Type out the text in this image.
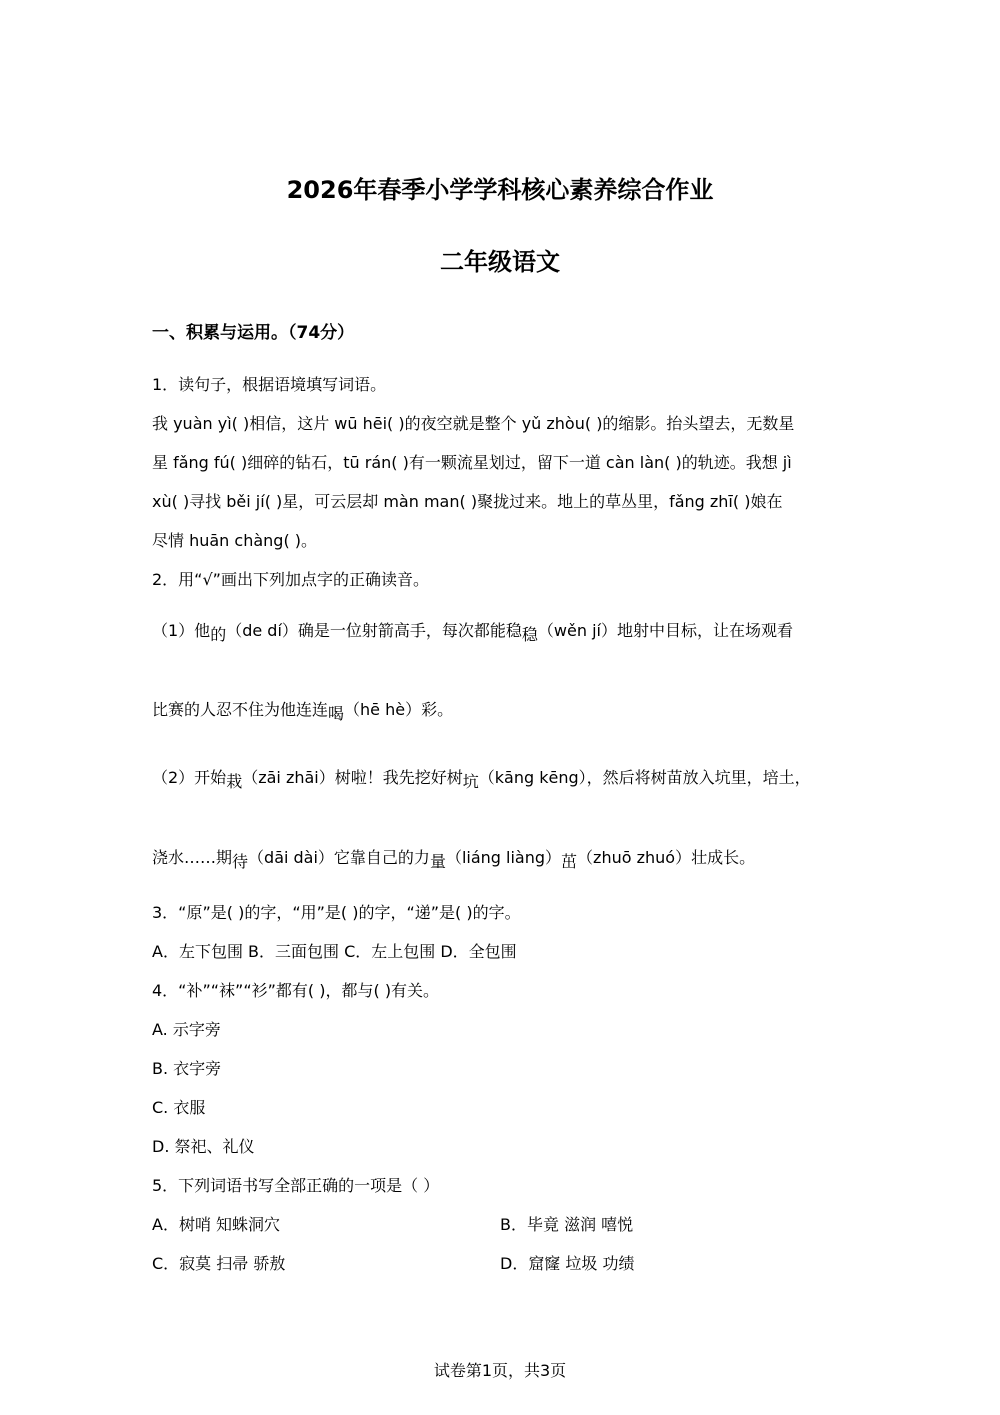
2026年春季小学学科核心素养综合作业
二年级语文
一、积累与运用。（74分）
1．读句子，根据语境填写词语。
我 yuàn yì( )相信，这片 wū hēi( )的夜空就是整个 yǔ zhòu( )的缩影。抬头望去，无数星
星 fǎng fú( )细碎的钻石，tū rán( )有一颗流星划过，留下一道 càn làn( )的轨迹。我想 jì
xù( )寻找 běi jí( )星，可云层却 màn man( )聚拢过来。地上的草丛里，fǎng zhī( )娘在
尽情 huān chàng( )。
2．用“√”画出下列加点字的正确读音。
（1）他的（de dí）确是一位射箭高手，每次都能稳稳（wěn jí）地射中目标，让在场观看
比赛的人忍不住为他连连喝（hē hè）彩。
（2）开始栽（zāi zhāi）树啦！我先挖好树坑（kāng kēng），然后将树苗放入坑里，培土，
浇水……期待（dāi dài）它靠自己的力量（liáng liàng）茁（zhuō zhuó）壮成长。
3．“原”是( )的字，“用”是( )的字，“递”是( )的字。
A．左下包围 B．三面包围 C．左上包围 D．全包围
4．“补”“袜”“衫”都有( )，都与( )有关。
A. 示字旁
B. 衣字旁
C. 衣服
D. 祭祀、礼仪
5．下列词语书写全部正确的一项是（ ）
A．树哨 知蛛洞穴	B．毕竟 滋润 嘻悦
C．寂莫 扫帚 骄敖	D．窟窿 垃圾 功绩
试卷第1页，共3页
